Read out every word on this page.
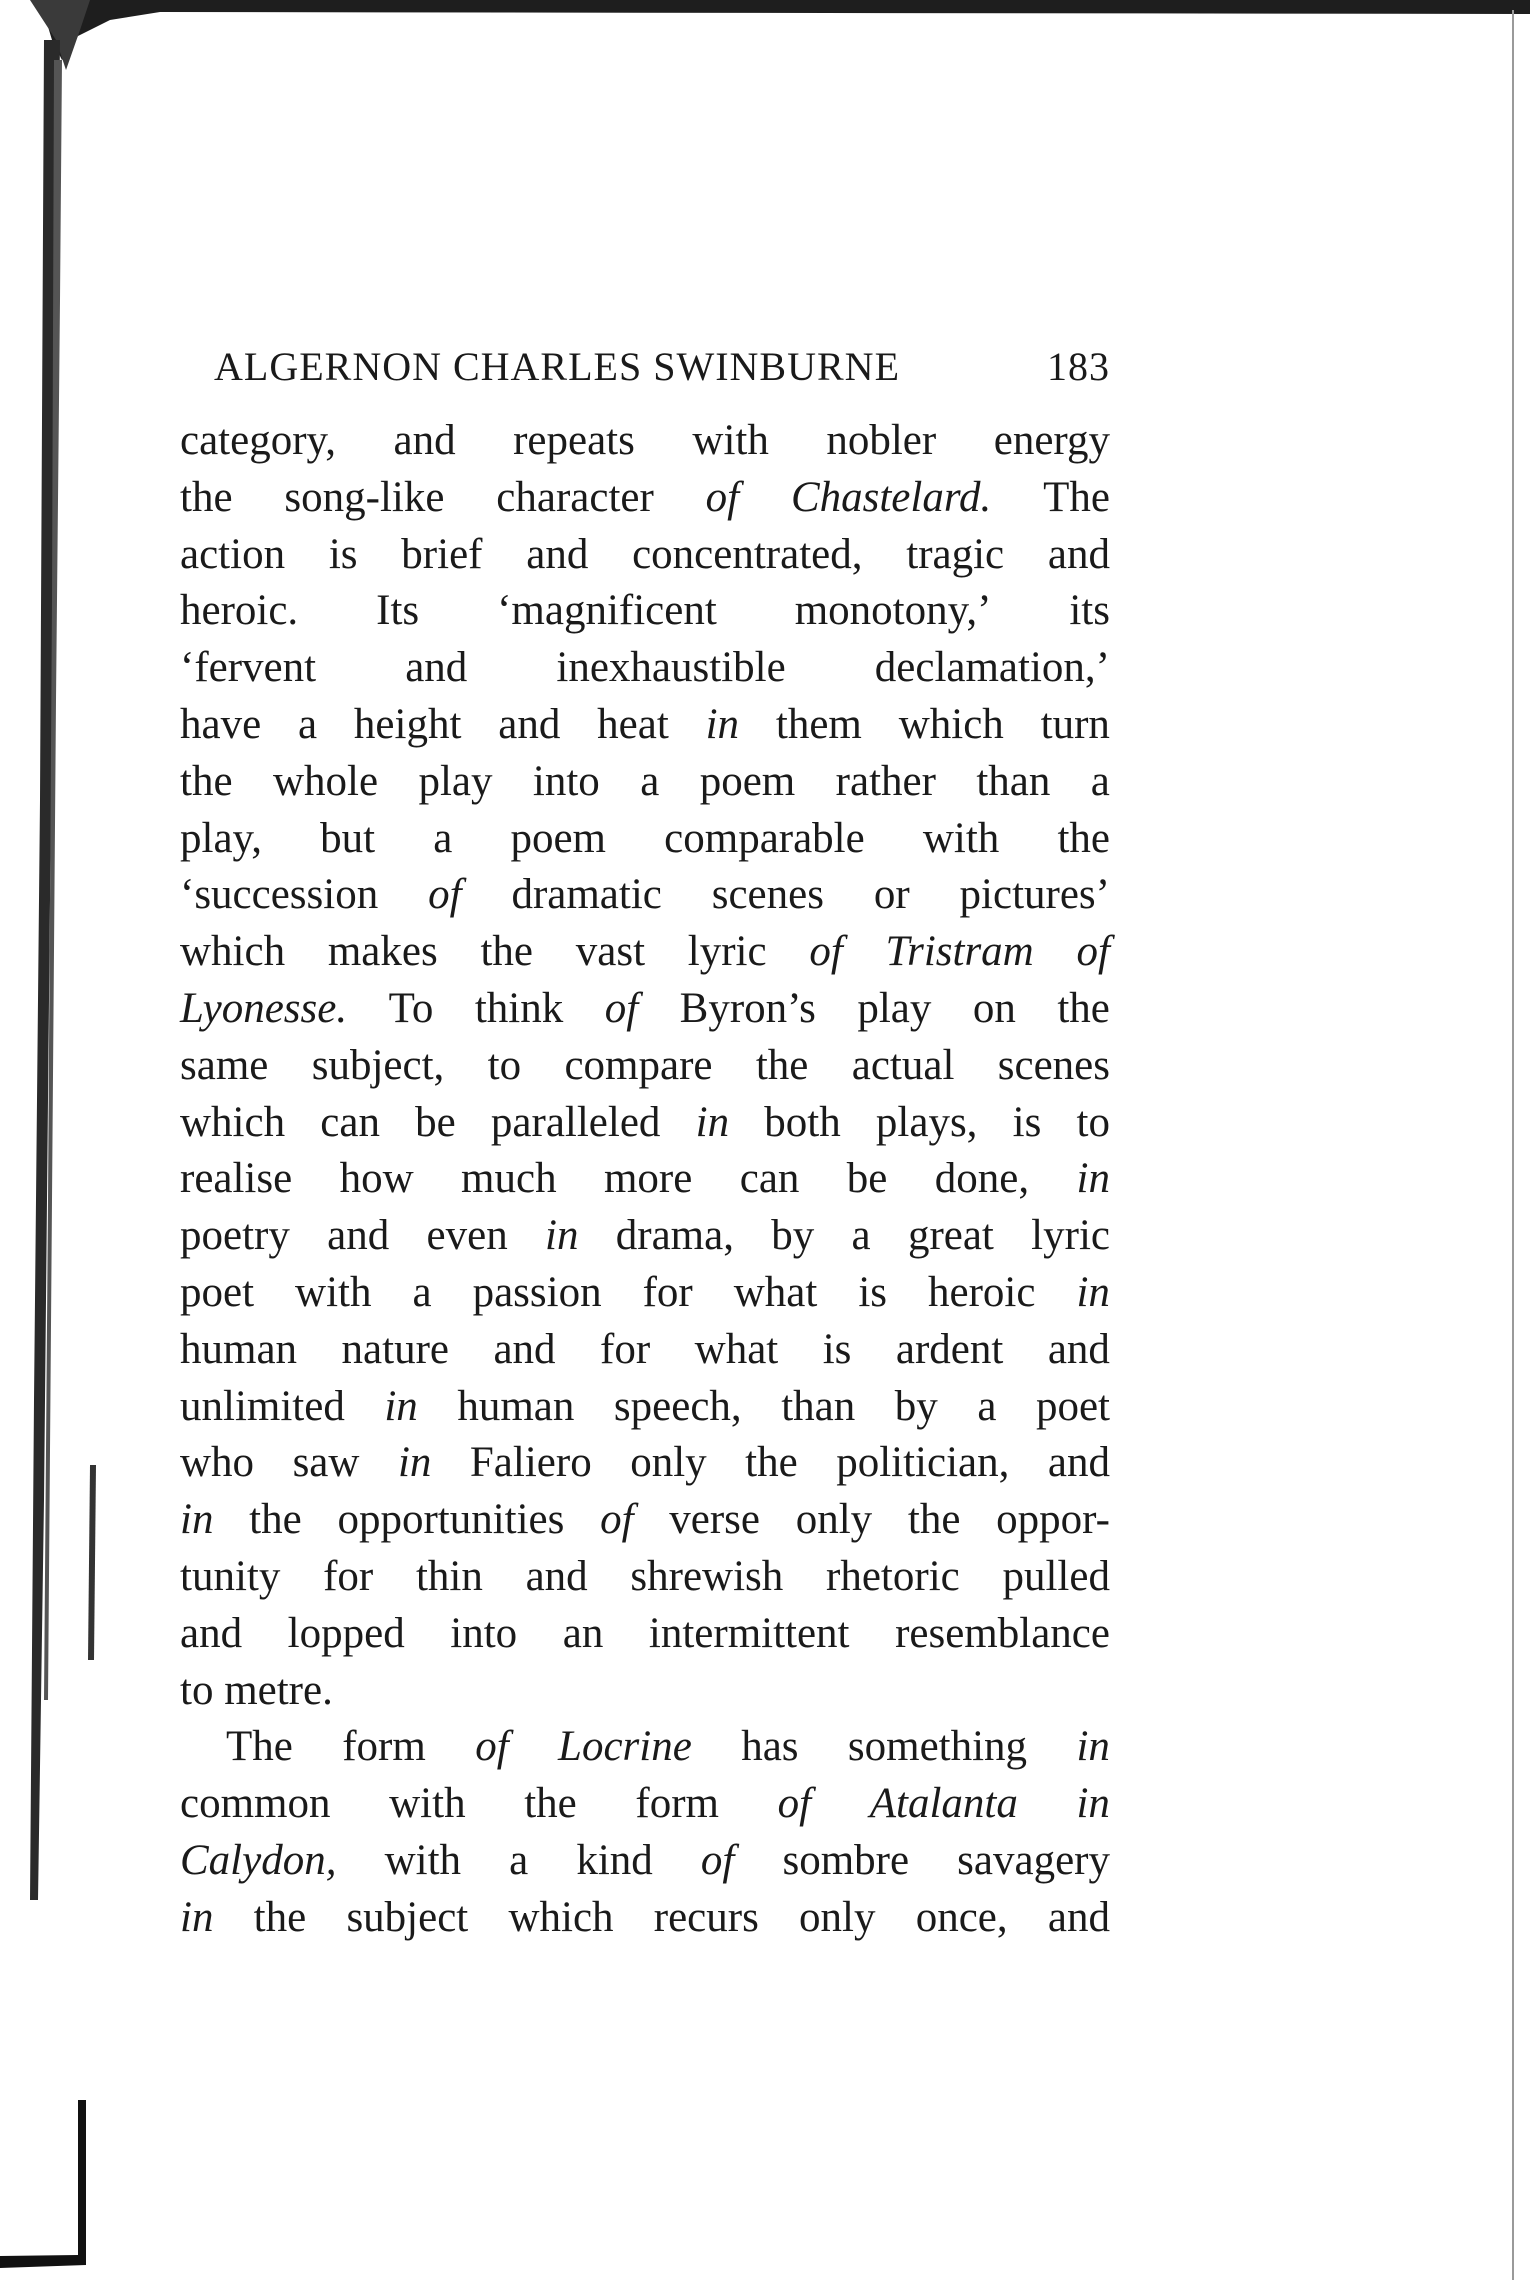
ALGERNON CHARLES SWINBURNE	183
category, and repeats with nobler energy
the song-like character of Chastelard. The
action is brief and concentrated, tragic and
heroic. Its ‘magnificent monotony,’ its
‘fervent and inexhaustible declamation,’
have a height and heat in them which turn
the whole play into a poem rather than a
play, but a poem comparable with the
‘succession of dramatic scenes or pictures’
which makes the vast lyric of Tristram of
Lyonesse. To think of Byron’s play on the
same subject, to compare the actual scenes
which can be paralleled in both plays, is to
realise how much more can be done, in
poetry and even in drama, by a great lyric
poet with a passion for what is heroic in
human nature and for what is ardent and
unlimited in human speech, than by a poet
who saw in Faliero only the politician, and
in the opportunities of verse only the oppor-
tunity for thin and shrewish rhetoric pulled
and lopped into an intermittent resemblance
to
metre.
The
form
of
Locrine
has
something
in
common with the form of Atalanta in
Calydon, with a kind of sombre savagery
in the subject which recurs only once, and
